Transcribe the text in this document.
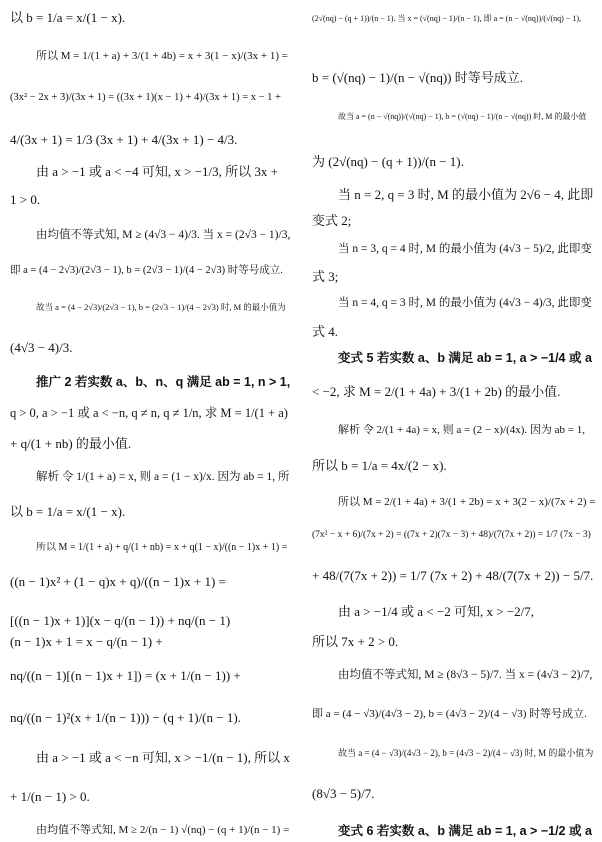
以 b = 1/a = x/(1 − x).
所以 M = 1/(1 + a) + 3/(1 + 4b) = x + 3(1 − x)/(3x + 1) =
(3x² − 2x + 3)/(3x + 1) = ((3x + 1)(x − 1) + 4)/(3x + 1) = x − 1 +
4/(3x + 1) = 1/3 (3x + 1) + 4/(3x + 1) − 4/3.
由 a > −1 或 a < −4 可知, x > −1/3, 所以 3x +
1 > 0.
由均值不等式知, M ≥ (4√3 − 4)/3. 当 x = (2√3 − 1)/3,
即 a = (4 − 2√3)/(2√3 − 1), b = (2√3 − 1)/(4 − 2√3) 时等号成立.
故当 a = (4 − 2√3)/(2√3 − 1), b = (2√3 − 1)/(4 − 2√3) 时, M 的最小值为
(4√3 − 4)/3.
推广 2 若实数 a、b、n、q 满足 ab = 1, n > 1,
q > 0, a > −1 或 a < −n, q ≠ n, q ≠ 1/n, 求 M = 1/(1 + a)
+ q/(1 + nb) 的最小值.
解析 令 1/(1 + a) = x, 则 a = (1 − x)/x. 因为 ab = 1, 所
以 b = 1/a = x/(1 − x).
所以 M = 1/(1 + a) + q/(1 + nb) = x + q(1 − x)/((n − 1)x + 1) =
((n − 1)x² + (1 − q)x + q)/((n − 1)x + 1) =
[((n − 1)x + 1)](x − q/(n − 1)) + nq/(n − 1)
(n − 1)x + 1 = x − q/(n − 1) +
nq/((n − 1)[(n − 1)x + 1]) = (x + 1/(n − 1)) +
nq/((n − 1)²(x + 1/(n − 1))) − (q + 1)/(n − 1).
由 a > −1 或 a < −n 可知, x > −1/(n − 1), 所以 x
+ 1/(n − 1) > 0.
由均值不等式知, M ≥ 2/(n − 1) √(nq) − (q + 1)/(n − 1) =
(2√(nq) − (q + 1))/(n − 1). 当 x = (√(nq) − 1)/(n − 1), 即 a = (n − √(nq))/(√(nq) − 1),
b = (√(nq) − 1)/(n − √(nq)) 时等号成立.
故当 a = (n − √(nq))/(√(nq) − 1), b = (√(nq) − 1)/(n − √(nq)) 时, M 的最小值
为 (2√(nq) − (q + 1))/(n − 1).
当 n = 2, q = 3 时, M 的最小值为 2√6 − 4, 此即
变式 2;
当 n = 3, q = 4 时, M 的最小值为 (4√3 − 5)/2, 此即变
式 3;
当 n = 4, q = 3 时, M 的最小值为 (4√3 − 4)/3, 此即变
式 4.
变式 5 若实数 a、b 满足 ab = 1, a > −1/4 或 a
< −2, 求 M = 2/(1 + 4a) + 3/(1 + 2b) 的最小值.
解析 令 2/(1 + 4a) = x, 则 a = (2 − x)/(4x). 因为 ab = 1,
所以 b = 1/a = 4x/(2 − x).
所以 M = 2/(1 + 4a) + 3/(1 + 2b) = x + 3(2 − x)/(7x + 2) =
(7x² − x + 6)/(7x + 2) = ((7x + 2)(7x − 3) + 48)/(7(7x + 2)) = 1/7 (7x − 3)
+ 48/(7(7x + 2)) = 1/7 (7x + 2) + 48/(7(7x + 2)) − 5/7.
由 a > −1/4 或 a < −2 可知, x > −2/7,
所以 7x + 2 > 0.
由均值不等式知, M ≥ (8√3 − 5)/7. 当 x = (4√3 − 2)/7,
即 a = (4 − √3)/(4√3 − 2), b = (4√3 − 2)/(4 − √3) 时等号成立.
故当 a = (4 − √3)/(4√3 − 2), b = (4√3 − 2)/(4 − √3) 时, M 的最小值为
(8√3 − 5)/7.
变式 6 若实数 a、b 满足 ab = 1, a > −1/2 或 a
